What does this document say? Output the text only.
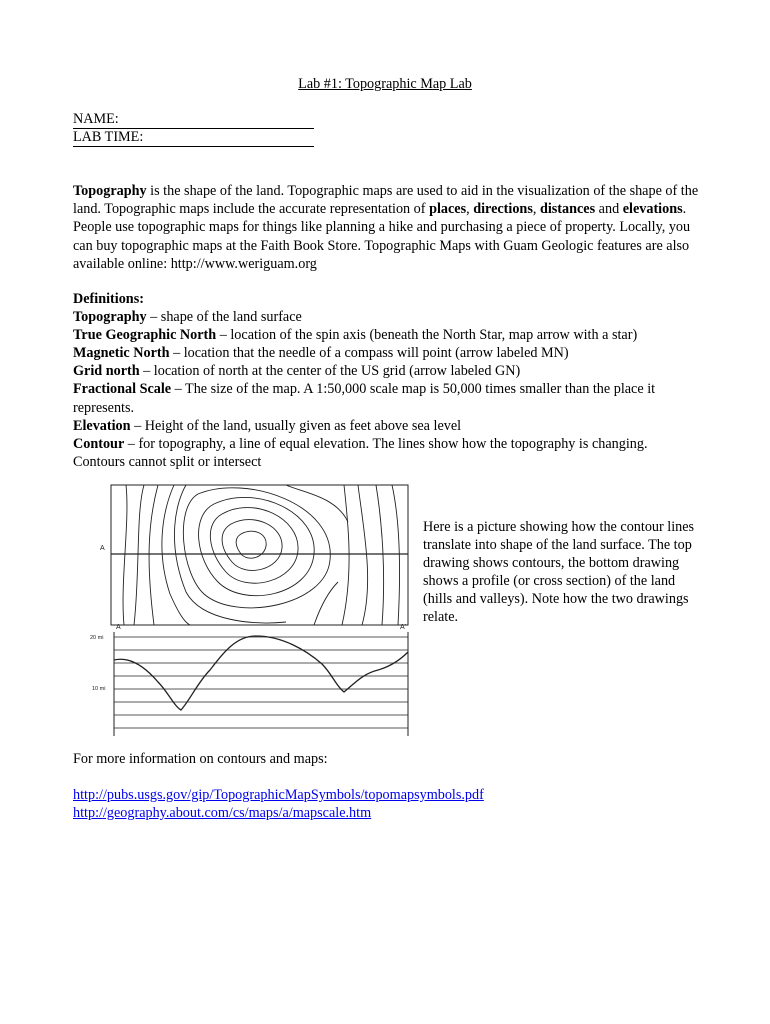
Lab #1: Topographic Map Lab
NAME:
LAB TIME:
Topography is the shape of the land. Topographic maps are used to aid in the visualization of the shape of the land. Topographic maps include the accurate representation of places, directions, distances and elevations. People use topographic maps for things like planning a hike and purchasing a piece of property. Locally, you can buy topographic maps at the Faith Book Store. Topographic Maps with Guam Geologic features are also available online: http://www.weriguam.org
Definitions:
Topography – shape of the land surface
True Geographic North – location of the spin axis (beneath the North Star, map arrow with a star)
Magnetic North – location that the needle of a compass will point (arrow labeled MN)
Grid north – location of north at the center of the US grid (arrow labeled GN)
Fractional Scale – The size of the map. A 1:50,000 scale map is 50,000 times smaller than the place it represents.
Elevation – Height of the land, usually given as feet above sea level
Contour – for topography, a line of equal elevation. The lines show how the topography is changing. Contours cannot split or intersect
A
A	A'
20 mi
10 mi
Here is a picture showing how the contour lines translate into shape of the land surface. The top drawing shows contours, the bottom drawing shows a profile (or cross section) of the land (hills and valleys). Note how the two drawings relate.
For more information on contours and maps:
http://pubs.usgs.gov/gip/TopographicMapSymbols/topomapsymbols.pdf
http://geography.about.com/cs/maps/a/mapscale.htm
